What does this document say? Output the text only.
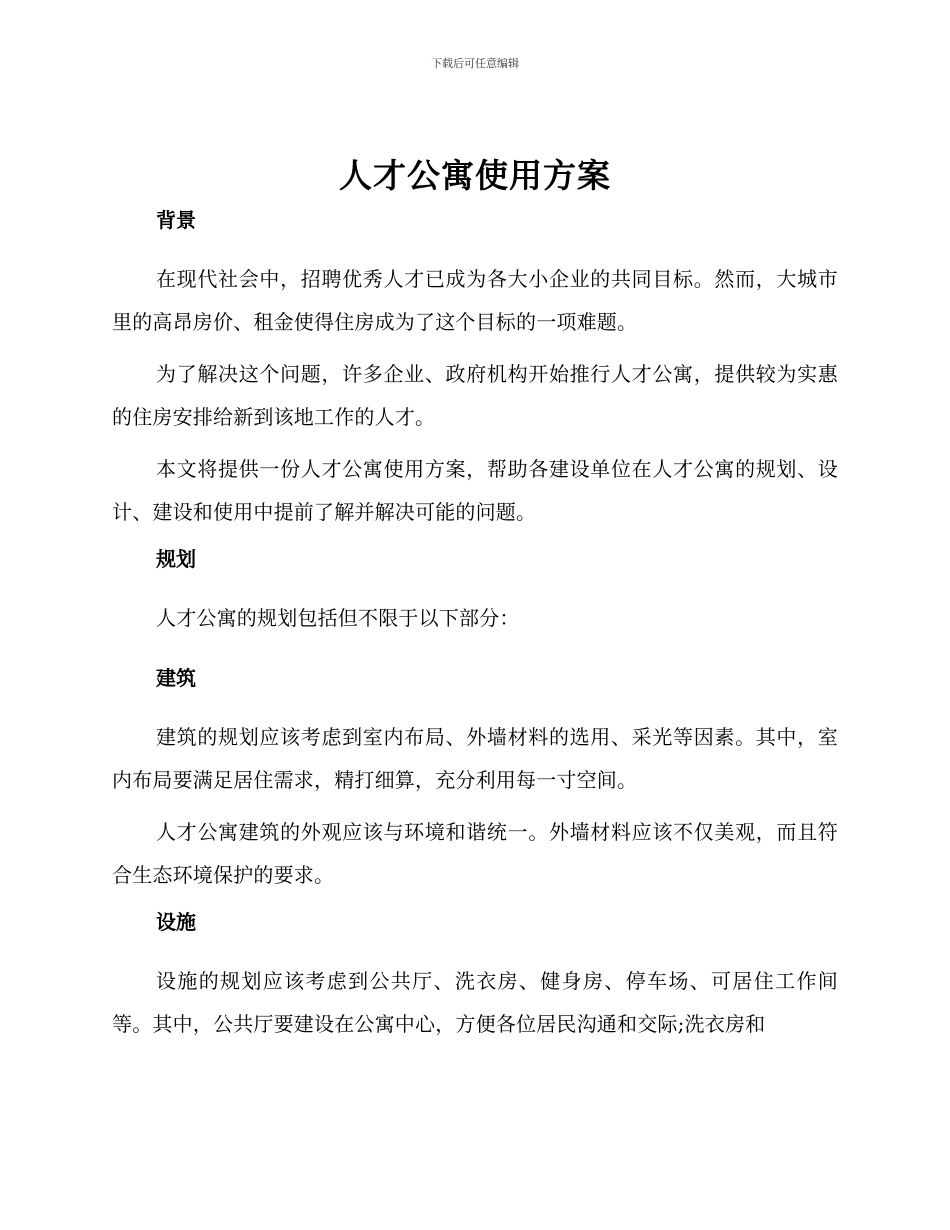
下载后可任意编辑
人才公寓使用方案
背景

在现代社会中，招聘优秀人才已成为各大小企业的共同目标。然而，大城市里的高昂房价、租金使得住房成为了这个目标的一项难题。

为了解决这个问题，许多企业、政府机构开始推行人才公寓，提供较为实惠的住房安排给新到该地工作的人才。

本文将提供一份人才公寓使用方案，帮助各建设单位在人才公寓的规划、设计、建设和使用中提前了解并解决可能的问题。

规划

人才公寓的规划包括但不限于以下部分：

建筑

建筑的规划应该考虑到室内布局、外墙材料的选用、采光等因素。其中，室内布局要满足居住需求，精打细算，充分利用每一寸空间。

人才公寓建筑的外观应该与环境和谐统一。外墙材料应该不仅美观，而且符合生态环境保护的要求。

设施

设施的规划应该考虑到公共厅、洗衣房、健身房、停车场、可居住工作间等。其中，公共厅要建设在公寓中心，方便各位居民沟通和交际;洗衣房和
